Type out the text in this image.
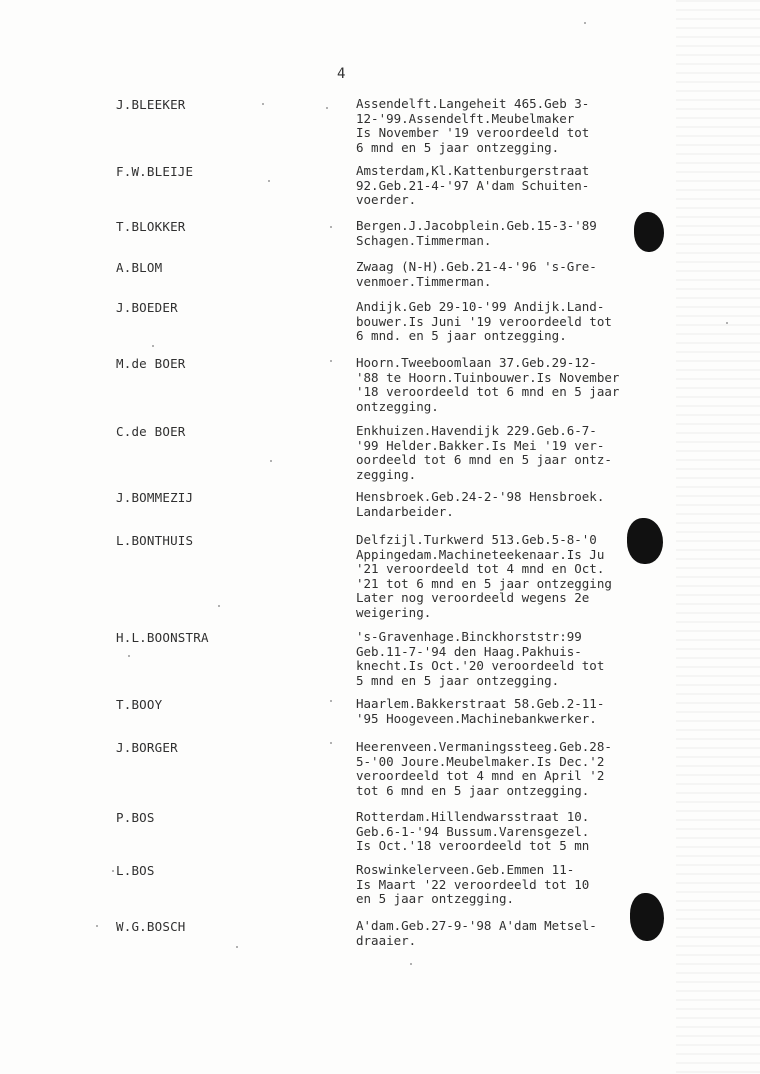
4
J.BLEEKER	Assendelft.Langeheit 465.Geb 3-
12-'99.Assendelft.Meubelmaker
Is November '19 veroordeeld tot
6 mnd en 5 jaar ontzegging.
F.W.BLEIJE	Amsterdam,Kl.Kattenburgerstraat
92.Geb.21-4-'97 A'dam Schuiten-
voerder.
T.BLOKKER	Bergen.J.Jacobplein.Geb.15-3-'89
Schagen.Timmerman.
A.BLOM	Zwaag (N-H).Geb.21-4-'96 's-Gre-
venmoer.Timmerman.
J.BOEDER	Andijk.Geb 29-10-'99 Andijk.Land-
bouwer.Is Juni '19 veroordeeld tot
6 mnd. en 5 jaar ontzegging.
M.de BOER	Hoorn.Tweeboomlaan 37.Geb.29-12-
'88 te Hoorn.Tuinbouwer.Is November
'18 veroordeeld tot 6 mnd en 5 jaar
ontzegging.
C.de BOER	Enkhuizen.Havendijk 229.Geb.6-7-
'99 Helder.Bakker.Is Mei '19 ver-
oordeeld tot 6 mnd en 5 jaar ontz-
zegging.
J.BOMMEZIJ	Hensbroek.Geb.24-2-'98 Hensbroek.
Landarbeider.
L.BONTHUIS	Delfzijl.Turkwerd 513.Geb.5-8-'0
Appingedam.Machineteekenaar.Is Ju
'21 veroordeeld tot 4 mnd en Oct.
'21 tot 6 mnd en 5 jaar ontzegging
Later nog veroordeeld wegens 2e
weigering.
H.L.BOONSTRA	's-Gravenhage.Binckhorststr:99
Geb.11-7-'94 den Haag.Pakhuis-
knecht.Is Oct.'20 veroordeeld tot
5 mnd en 5 jaar ontzegging.
T.BOOY	Haarlem.Bakkerstraat 58.Geb.2-11-
'95 Hoogeveen.Machinebankwerker.
J.BORGER	Heerenveen.Vermaningssteeg.Geb.28-
5-'00 Joure.Meubelmaker.Is Dec.'2
veroordeeld tot 4 mnd en April '2
tot 6 mnd en 5 jaar ontzegging.
P.BOS	Rotterdam.Hillendwarsstraat 10.
Geb.6-1-'94 Bussum.Varensgezel.
Is Oct.'18 veroordeeld tot 5 mn
L.BOS	Roswinkelerveen.Geb.Emmen 11-
Is Maart '22 veroordeeld tot 10
en 5 jaar ontzegging.
W.G.BOSCH	A'dam.Geb.27-9-'98 A'dam Metsel-
draaier.
